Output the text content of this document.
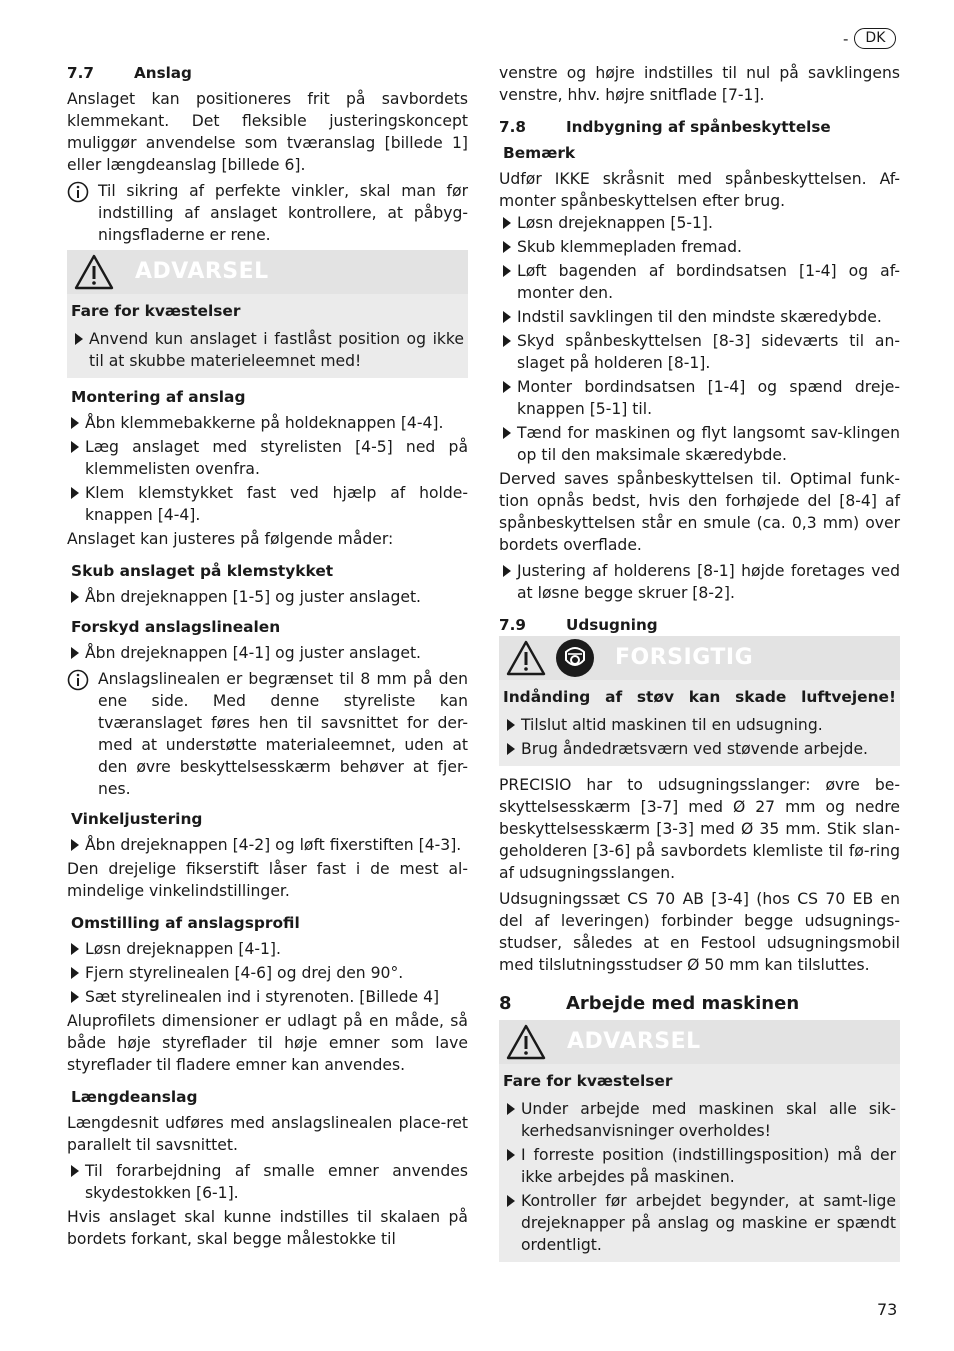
-	DK
7.7	Anslag

Anslaget kan positioneres frit på savbordets klemmekant. Det fleksible justeringskoncept muliggør anvendelse som tværanslag [billede 1] eller længdeanslag [billede 6].

Til sikring af perfekte vinkler, skal man før indstilling af anslaget kontrollere, at påbyg-ningsfladerne er rene.
ADVARSEL
Fare for kvæstelser
Anvend kun anslaget i fastlåst position og ikke til at skubbe materieleemnet med!
Montering af anslag
Åbn klemmebakkerne på holdeknappen [4-4].
Læg anslaget med styrelisten [4-5] ned på klemmelisten ovenfra.
Klem klemstykket fast ved hjælp af holde-knappen [4-4].

Anslaget kan justeres på følgende måder:

Skub anslaget på klemstykket
Åbn drejeknappen [1-5] og juster anslaget.
Forskyd anslagslinealen
Åbn drejeknappen [4-1] og juster anslaget.
Anslagslinealen er begrænset til 8 mm på den ene side. Med denne styreliste kan tværanslaget føres hen til savsnittet for der-med at understøtte materialeemnet, uden at den øvre beskyttelsesskærm behøver at fjer-nes.
Vinkeljustering
Åbn drejeknappen [4-2] og løft fixerstiften [4-3].

Den drejelige fikserstift låser fast i de mest al-mindelige vinkelindstillinger.

Omstilling af anslagsprofil
Løsn drejeknappen [4-1].
Fjern styrelinealen [4-6] og drej den 90°.
Sæt styrelinealen ind i styrenoten. [Billede 4]

Aluprofilets dimensioner er udlagt på en måde, så både høje styreflader til høje emner som lave styreflader til fladere emner kan anvendes.

Længdeanslag

Længdesnit udføres med anslagslinealen place-ret parallelt til savsnittet.

Til forarbejdning af smalle emner anvendes skydestokken [6-1].

Hvis anslaget skal kunne indstilles til skalaen på bordets forkant, skal begge målestokke til

venstre og højre indstilles til nul på savklingens venstre, hhv. højre snitflade [7-1].

7.8	Indbygning af spånbeskyttelse
Bemærk

Udfør IKKE skråsnit med spånbeskyttelsen. Af-monter spånbeskyttelsen efter brug.

Løsn drejeknappen [5-1].
Skub klemmepladen fremad.
Løft bagenden af bordindsatsen [1-4] og af-monter den.
Indstil savklingen til den mindste skæredybde.
Skyd spånbeskyttelsen [8-3] sideværts til an-slaget på holderen [8-1].
Monter bordindsatsen [1-4] og spænd dreje-knappen [5-1] til.
Tænd for maskinen og flyt langsomt sav-klingen op til den maksimale skæredybde.

Derved saves spånbeskyttelsen til. Optimal funk-tion opnås bedst, hvis den forhøjede del [8-4] af spånbeskyttelsen står en smule (ca. 0,3 mm) over bordets overflade.

Justering af holderens [8-1] højde foretages ved at løsne begge skruer [8-2].
7.9	Udsugning
FORSIGTIG
Indånding af støv kan skade luftvejene!
Tilslut altid maskinen til en udsugning.
Brug åndedrætsværn ved støvende arbejde.

PRECISIO har to udsugningsslanger: øvre be-skyttelsesskærm [3-7] med Ø 27 mm og nedre beskyttelsesskærm [3-3] med Ø 35 mm. Stik slan-geholderen [3-6] på savbordets klemliste til fø-ring af udsugningsslangen.

Udsugningssæt CS 70 AB [3-4] (hos CS 70 EB en del af leveringen) forbinder begge udsugnings-studser, således at en Festool udsugningsmobil med tilslutningsstudser Ø 50 mm kan tilsluttes.

8	Arbejde med maskinen
ADVARSEL
Fare for kvæstelser
Under arbejde med maskinen skal alle sik-kerhedsanvisninger overholdes!
I forreste position (indstillingsposition) må der ikke arbejdes på maskinen.
Kontroller før arbejdet begynder, at samt-lige drejeknapper på anslag og maskine er spændt ordentligt.
73
